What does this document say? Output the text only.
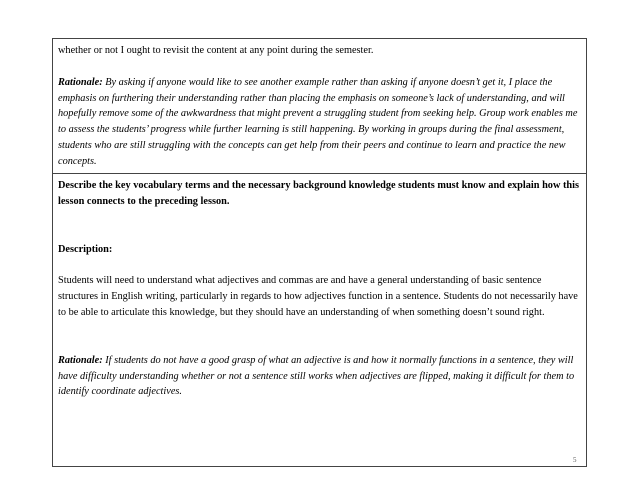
whether or not I ought to revisit the content at any point during the semester.

Rationale: By asking if anyone would like to see another example rather than asking if anyone doesn’t get it, I place the emphasis on furthering their understanding rather than placing the emphasis on someone’s lack of understanding, and will hopefully remove some of the awkwardness that might prevent a struggling student from seeking help. Group work enables me to assess the students’ progress while further learning is still happening. By working in groups during the final assessment, students who are still struggling with the concepts can get help from their peers and continue to learn and practice the new concepts.

Describe the key vocabulary terms and the necessary background knowledge students must know and explain how this lesson connects to the preceding lesson.

Description:

Students will need to understand what adjectives and commas are and have a general understanding of basic sentence structures in English writing, particularly in regards to how adjectives function in a sentence. Students do not necessarily have to be able to articulate this knowledge, but they should have an understanding of when something doesn’t sound right.

Rationale: If students do not have a good grasp of what an adjective is and how it normally functions in a sentence, they will have difficulty understanding whether or not a sentence still works when adjectives are flipped, making it difficult for them to identify coordinate adjectives.

5
